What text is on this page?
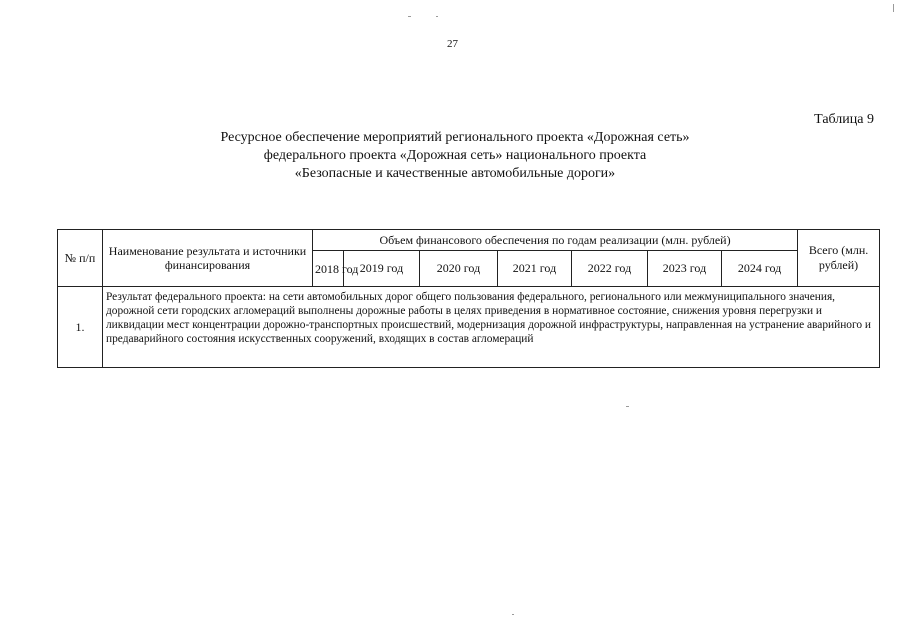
27
Таблица 9
Ресурсное обеспечение мероприятий регионального проекта «Дорожная сеть»
федерального проекта «Дорожная сеть» национального проекта
«Безопасные и качественные автомобильные дороги»
№ п/п	Наименование результата и источники финансирования	Объем финансового обеспечения по годам реализации (млн. рублей)							Всего (млн. рублей)
		2018 год	2019 год	2020 год	2021 год	2022 год	2023 год	2024 год	
1.	Результат федерального проекта: на сети автомобильных дорог общего пользования федерального, регионального или межмуниципального значения, дорожной сети городских агломераций выполнены дорожные работы в целях приведения в нормативное состояние, снижения уровня перегрузки и ликвидации мест концентрации дорожно-транспортных происшествий, модернизация дорожной инфраструктуры, направленная на устранение аварийного и предаварийного состояния искусственных сооружений, входящих в состав агломераций								
